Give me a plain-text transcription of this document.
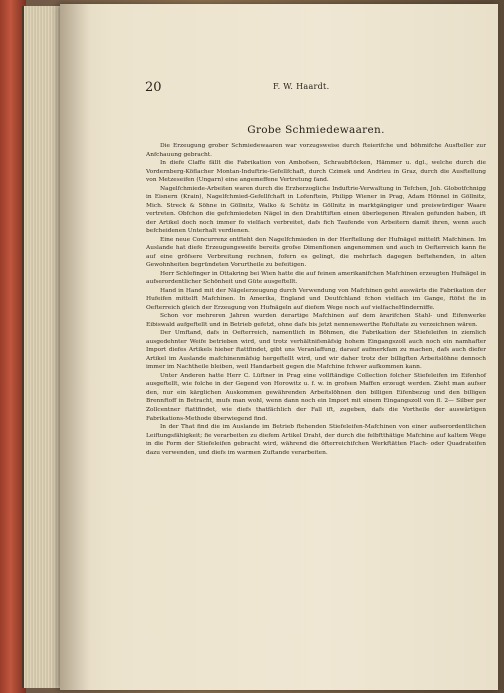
20	F. W. Haardt.
Grobe Schmiedewaaren.

Die Erzeugung grober Schmiedewaaren war vorzugsweise durch fteierifche und böhmifche Ausfteller zur Anfchauung gebracht.

In diefe Claffe fällt die Fabrikation von Ambofsen, Schraubftöcken, Hämmer u. dgl., welche durch die Vordernberg-Köflacher Montan-Induftrie-Gefellfchaft, durch Czimek und Andrieu in Graz, durch die Ausftellung von Metzeseifen (Ungarn) eine angemeffene Vertretung fand.

Nagelfchmiede-Arbeiten waren durch die Erzherzogliche Induftrie-Verwaltung in Tefchen, Joh. Globotfchnigg in Eisnern (Krain), Nagelfchmied-Gefellfchaft in Lofenftein, Philipp Wiener in Prag, Adam Hönnel in Göllnitz, Mich. Streck & Söhne in Göllnitz, Walko & Schütz in Göllnitz in marktgängiger und preiswürdiger Waare vertreten. Obfchon die gefchmiedeten Nägel in den Drahtftiften einen überlegenen Rivalen gefunden haben, ift der Artikel doch noch immer fo vielfach verbreitet, dafs fich Taufende von Arbeitern damit ihren, wenn auch befcheidenen Unterhalt verdienen.

Eine neue Concurrenz entfteht den Nagelfchmieden in der Herftellung der Hufnägel mittelft Mafchinen. Im Auslande hat diefe Erzeugungsweife bereits grofse Dimenfionen angenommen und auch in Oefterreich kann fie auf eine gröfsere Verbreitung rechnen, fofern es gelingt, die mehrfach dagegen beftehenden, in alten Gewohnheiten begründeten Vorurtheile zu befeitigen.

Herr Schlefinger in Ottakring bei Wien hatte die auf feinen amerikanifchen Mafchinen erzeugten Hufnägel in aufserordentlicher Schönheit und Güte ausgeftellt.

Hand in Hand mit der Nägelerzeugung durch Verwendung von Mafchinen geht auswärts die Fabrikation der Hufeifen mittelft Mafchinen. In Amerika, England und Deutfchland fchon vielfach im Gange, ftöfst fie in Oefterreich gleich der Erzeugung von Hufnägeln auf diefem Wege noch auf vielfacheHinderniffe.

Schon vor mehreren Jahren wurden derartige Mafchinen auf dem ärarifchen Stahl- und Eifenwerke Eibiswald aufgeftellt und in Betrieb gefetzt, ohne dafs bis jetzt nennenswerthe Refultate zu verzeichnen wären.

Der Umftand, dafs in Oefterreich, namentlich in Böhmen, die Fabrikation der Stiefeleifen in ziemlich ausgedehnter Weife betrieben wird, und trotz verhältnifsmäfsig hohem Eingangszoll auch noch ein namhafter Import diefes Artikels hieher ftattfindet, gibt uns Veranlaffung, darauf aufmerkfam zu machen, dafs auch diefer Artikel im Auslande mafchinenmäfsig hergeftellt wird, und wir daher trotz der billigften Arbeitslöhne dennoch immer im Nachtheile bleiben, weil Handarbeit gegen die Mafchine fchwer aufkommen kann.

Unter Anderen hatte Herr C. Lüftner in Prag eine vollftändige Collection folcher Stiefeleifen im Eifenhof ausgeftellt, wie folche in der Gegend von Horowitz u. f. w. in grofsen Maffen erzeugt werden. Zieht man aufser den, nur ein kärglichen Auskommen gewährenden Arbeitslöhnen den billigen Eifenbezug und den billigen Brennftoff in Betracht, mufs man wohl, wenn dann noch ein Import mit einem Eingangszoll von fl. 2— Silber per Zollcentner ftattfindet, wie diefs thatfächlich der Fall ift, zugeben, dafs die Vortheile der auswärtigen Fabrikations-Methode überwiegend find.

In der That find die im Auslande im Betrieb ftehenden Stiefeleifen-Mafchinen von einer aufserordentlichen Leiftungsfähigkeit; fie verarbeiten zu diefem Artikel Draht, der durch die felbftthätige Mafchine auf kaltem Wege in die Form der Stiefeleifen gebracht wird, während die öfterreichifchen Werkftätten Flach- oder Quadrateifen dazu verwenden, und diefs im warmen Zuftande verarbeiten.
